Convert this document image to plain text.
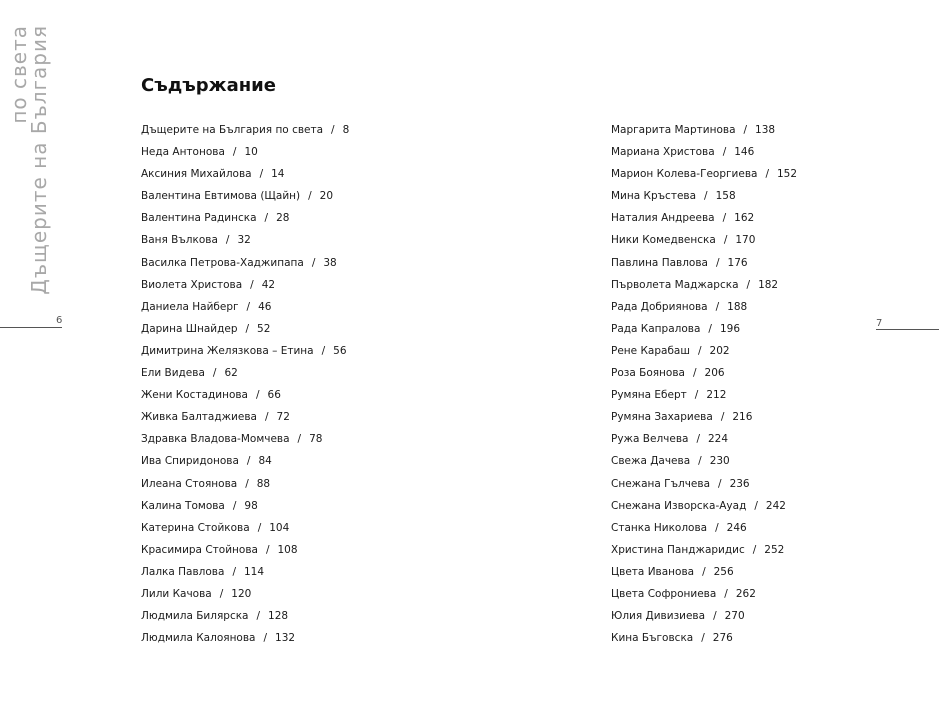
по света
Дъщерите на България
6	7
Съдържание
Дъщерите на България по света / 8
Неда Антонова / 10
Аксиния Михайлова / 14
Валентина Евтимова (Щайн) / 20
Валентина Радинска / 28
Ваня Вълкова / 32
Василка Петрова-Хаджипапа / 38
Виолета Христова / 42
Даниела Найберг / 46
Дарина Шнайдер / 52
Димитрина Желязкова – Етина / 56
Ели Видева / 62
Жени Костадинова / 66
Живка Балтаджиева / 72
Здравка Владова-Момчева / 78
Ива Спиридонова / 84
Илеана Стоянова / 88
Калина Томова / 98
Катерина Стойкова / 104
Красимира Стойнова / 108
Лалка Павлова / 114
Лили Качова / 120
Людмила Билярска / 128
Людмила Калоянова / 132
Маргарита Мартинова / 138
Мариана Христова / 146
Марион Колева-Георгиева / 152
Мина Кръстева / 158
Наталия Андреева / 162
Ники Комедвенска / 170
Павлина Павлова / 176
Първолета Маджарска / 182
Рада Добриянова / 188
Рада Капралова / 196
Рене Карабаш / 202
Роза Боянова / 206
Румяна Еберт / 212
Румяна Захариева / 216
Ружа Велчева / 224
Свежа Дачева / 230
Снежана Гълчева / 236
Снежана Изворска-Ауад / 242
Станка Николова / 246
Христина Панджаридис / 252
Цвета Иванова / 256
Цвета Софрониева / 262
Юлия Дивизиева / 270
Кина Бъговска / 276
